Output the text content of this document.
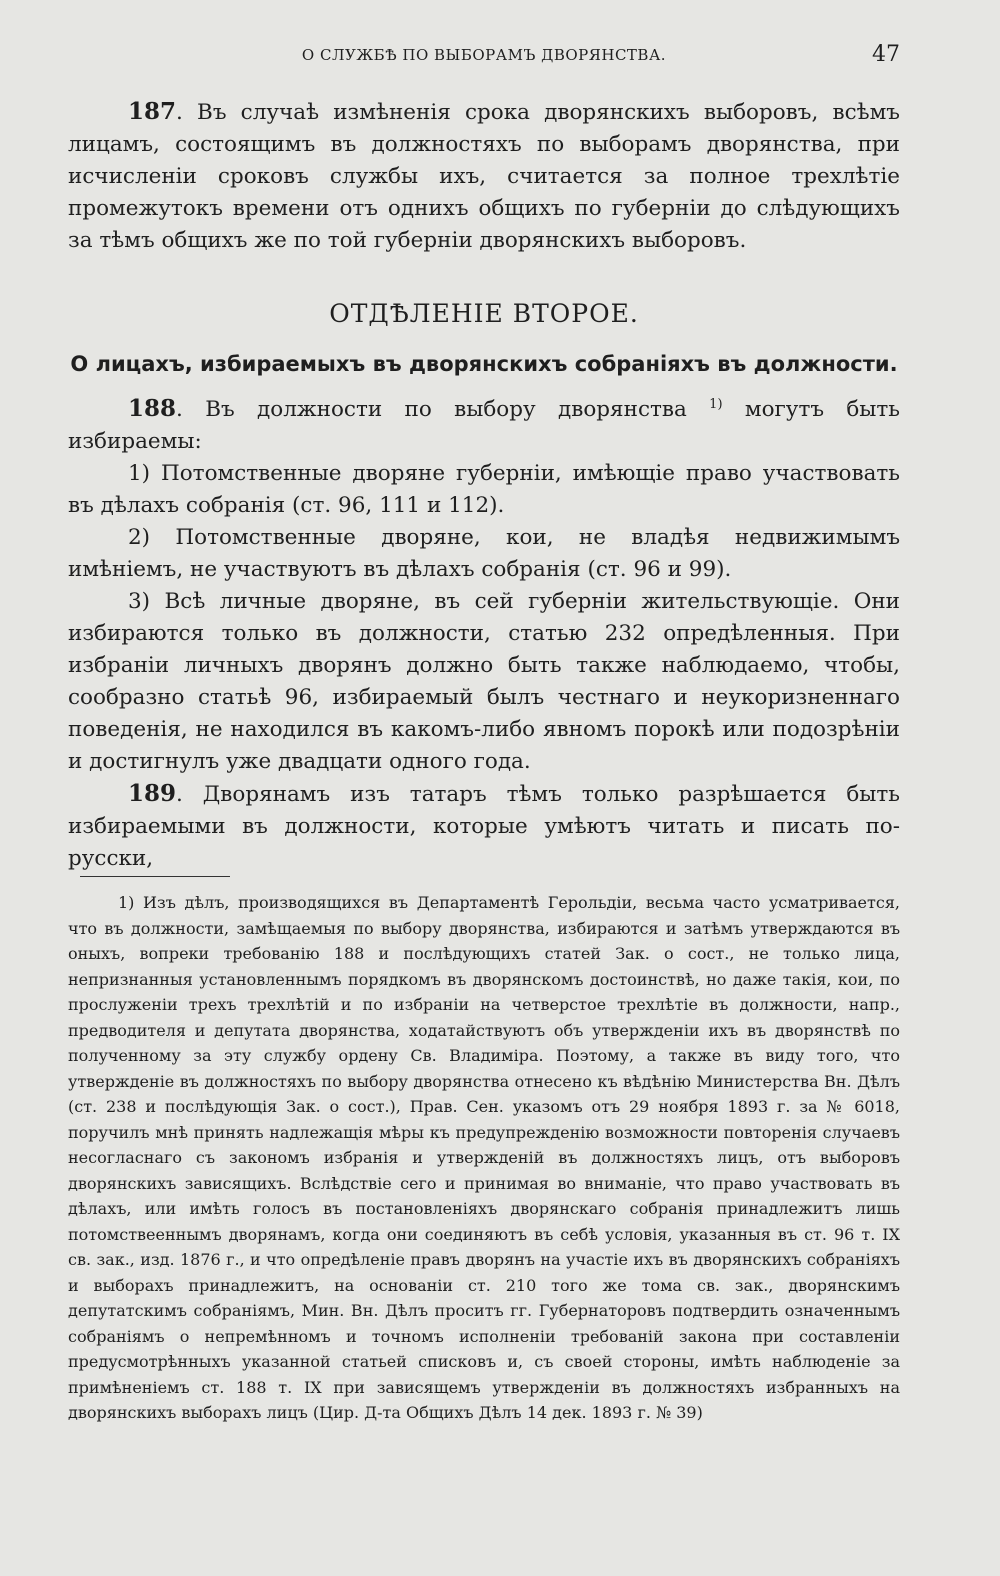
О СЛУЖБѢ ПО ВЫБОРАМЪ ДВОРЯНСТВА.	47

187. Въ случаѣ измѣненія срока дворянскихъ выборовъ, всѣмъ лицамъ, состоящимъ въ должностяхъ по выборамъ дворянства, при исчисленіи сроковъ службы ихъ, считается за полное трехлѣтіе промежутокъ времени отъ однихъ общихъ по губерніи до слѣдующихъ за тѣмъ общихъ же по той губерніи дворянскихъ выборовъ.

ОТДѢЛЕНІЕ ВТОРОЕ.

О лицахъ, избираемыхъ въ дворянскихъ собраніяхъ въ должности.

188. Въ должности по выбору дворянства $^{1)}$ могутъ быть избираемы:

1) Потомственные дворяне губерніи, имѣющіе право участвовать въ дѣлахъ собранія (ст. 96, 111 и 112).

2) Потомственные дворяне, кои, не владѣя недвижимымъ имѣніемъ, не участвуютъ въ дѣлахъ собранія (ст. 96 и 99).

3) Всѣ личные дворяне, въ сей губерніи жительствующіе. Они избираются только въ должности, статью 232 опредѣленныя. При избраніи личныхъ дворянъ должно быть также наблюдаемо, чтобы, сообразно статьѣ 96, избираемый былъ честнаго и неукоризненнаго поведенія, не находился въ какомъ-либо явномъ порокѣ или подозрѣніи и достигнулъ уже двадцати одного года.

189. Дворянамъ изъ татаръ тѣмъ только разрѣшается быть избираемыми въ должности, которые умѣютъ читать и писать по-русски,

1) Изъ дѣлъ, производящихся въ Департаментѣ Герольдіи, весьма часто усматривается, что въ должности, замѣщаемыя по выбору дворянства, избираются и затѣмъ утверждаются въ оныхъ, вопреки требованію 188 и послѣдующихъ статей Зак. о сост., не только лица, непризнанныя установленнымъ порядкомъ въ дворянскомъ достоинствѣ, но даже такія, кои, по прослуженіи трехъ трехлѣтій и по избраніи на четверстое трехлѣтіе въ должности, напр., предводителя и депутата дворянства, ходатайствуютъ объ утвержденіи ихъ въ дворянствѣ по полученному за эту службу ордену Св. Владиміра. Поэтому, а также въ виду того, что утвержденіе въ должностяхъ по выбору дворянства отнесено къ вѣдѣнію Министерства Вн. Дѣлъ (ст. 238 и послѣдующія Зак. о сост.), Прав. Сен. указомъ отъ 29 ноября 1893 г. за № 6018, поручилъ мнѣ принять надлежащія мѣры къ предупрежденію возможности повторенія случаевъ несогласнаго съ закономъ избранія и утвержденій въ должностяхъ лицъ, отъ выборовъ дворянскихъ зависящихъ. Вслѣдствіе сего и принимая во вниманіе, что право участвовать въ дѣлахъ, или имѣть голосъ въ постановленіяхъ дворянскаго собранія принадлежитъ лишь потомствееннымъ дворянамъ, когда они соединяютъ въ себѣ условія, указанныя въ ст. 96 т. IX св. зак., изд. 1876 г., и что опредѣленіе правъ дворянъ на участіе ихъ въ дворянскихъ собраніяхъ и выборахъ принадлежитъ, на основаніи ст. 210 того же тома св. зак., дворянскимъ депутатскимъ собраніямъ, Мин. Вн. Дѣлъ проситъ гг. Губернаторовъ подтвердить означеннымъ собраніямъ о непремѣнномъ и точномъ исполненіи требованій закона при составленіи предусмотрѣнныхъ указанной статьей списковъ и, съ своей стороны, имѣть наблюденіе за примѣненіемъ ст. 188 т. IX при зависящемъ утвержденіи въ должностяхъ избранныхъ на дворянскихъ выборахъ лицъ (Цир. Д-та Общихъ Дѣлъ 14 дек. 1893 г. № 39)
